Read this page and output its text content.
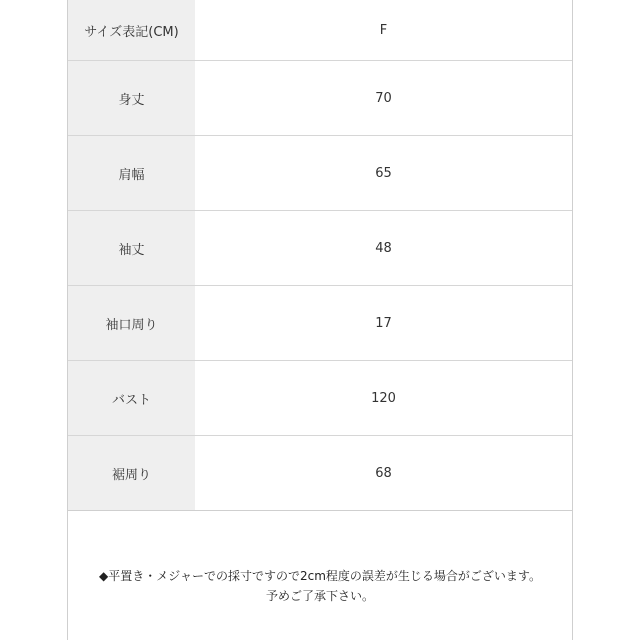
サイズ表記(CM)	F
身丈	70
肩幅	65
袖丈	48
袖口周り	17
バスト	120
裾周り	68
◆平置き・メジャーでの採寸ですので2cm程度の誤差が生じる場合がございます。
予めご了承下さい。
